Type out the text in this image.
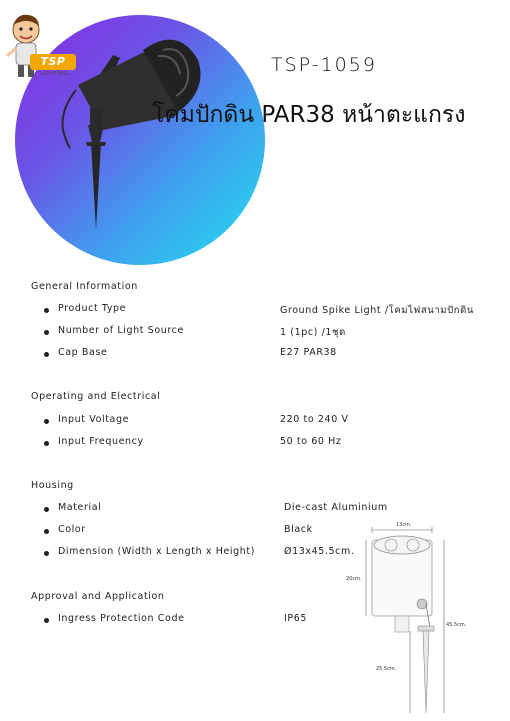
TSP
LIGHTING	TSP-1059
โคมปักดิน PAR38 หน้าตะแกรง
General Information
Product Type	Ground Spike Light /โคมไฟสนามปักดิน
Number of Light Source	1 (1pc) /1ชุด
Cap Base	E27 PAR38
Operating and Electrical
Input Voltage	220 to 240 V
Input Frequency	50 to 60 Hz
Housing
Material	Die-cast Aluminium
Color	Black
Dimension (Width x Length x Height)	Ø13x45.5cm.
Approval and Application
Ingress Protection Code	IP65
13cm.
20cm.
45.5cm.
25.5cm.
